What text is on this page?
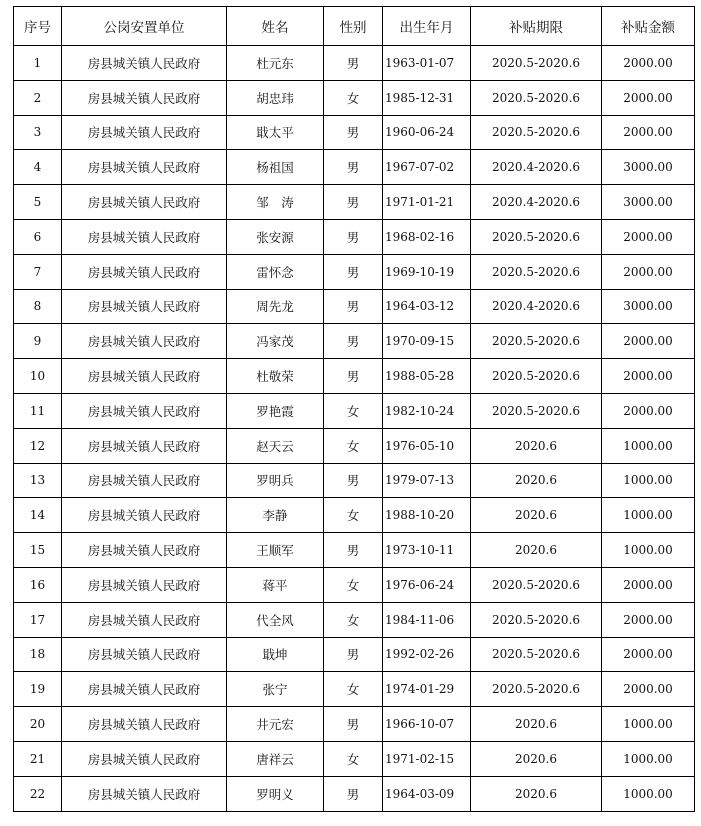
序号	公岗安置单位	姓名	性别	出生年月	补贴期限	补贴金额
1	房县城关镇人民政府	杜元东	男	1963-01-07	2020.5-2020.6	2000.00
2	房县城关镇人民政府	胡忠玮	女	1985-12-31	2020.5-2020.6	2000.00
3	房县城关镇人民政府	戢太平	男	1960-06-24	2020.5-2020.6	2000.00
4	房县城关镇人民政府	杨祖国	男	1967-07-02	2020.4-2020.6	3000.00
5	房县城关镇人民政府	邹　涛	男	1971-01-21	2020.4-2020.6	3000.00
6	房县城关镇人民政府	张安源	男	1968-02-16	2020.5-2020.6	2000.00
7	房县城关镇人民政府	雷怀念	男	1969-10-19	2020.5-2020.6	2000.00
8	房县城关镇人民政府	周先龙	男	1964-03-12	2020.4-2020.6	3000.00
9	房县城关镇人民政府	冯家茂	男	1970-09-15	2020.5-2020.6	2000.00
10	房县城关镇人民政府	杜敬荣	男	1988-05-28	2020.5-2020.6	2000.00
11	房县城关镇人民政府	罗艳霞	女	1982-10-24	2020.5-2020.6	2000.00
12	房县城关镇人民政府	赵天云	女	1976-05-10	2020.6	1000.00
13	房县城关镇人民政府	罗明兵	男	1979-07-13	2020.6	1000.00
14	房县城关镇人民政府	李静	女	1988-10-20	2020.6	1000.00
15	房县城关镇人民政府	王顺军	男	1973-10-11	2020.6	1000.00
16	房县城关镇人民政府	蒋平	女	1976-06-24	2020.5-2020.6	2000.00
17	房县城关镇人民政府	代全风	女	1984-11-06	2020.5-2020.6	2000.00
18	房县城关镇人民政府	戢坤	男	1992-02-26	2020.5-2020.6	2000.00
19	房县城关镇人民政府	张宁	女	1974-01-29	2020.5-2020.6	2000.00
20	房县城关镇人民政府	井元宏	男	1966-10-07	2020.6	1000.00
21	房县城关镇人民政府	唐祥云	女	1971-02-15	2020.6	1000.00
22	房县城关镇人民政府	罗明义	男	1964-03-09	2020.6	1000.00
